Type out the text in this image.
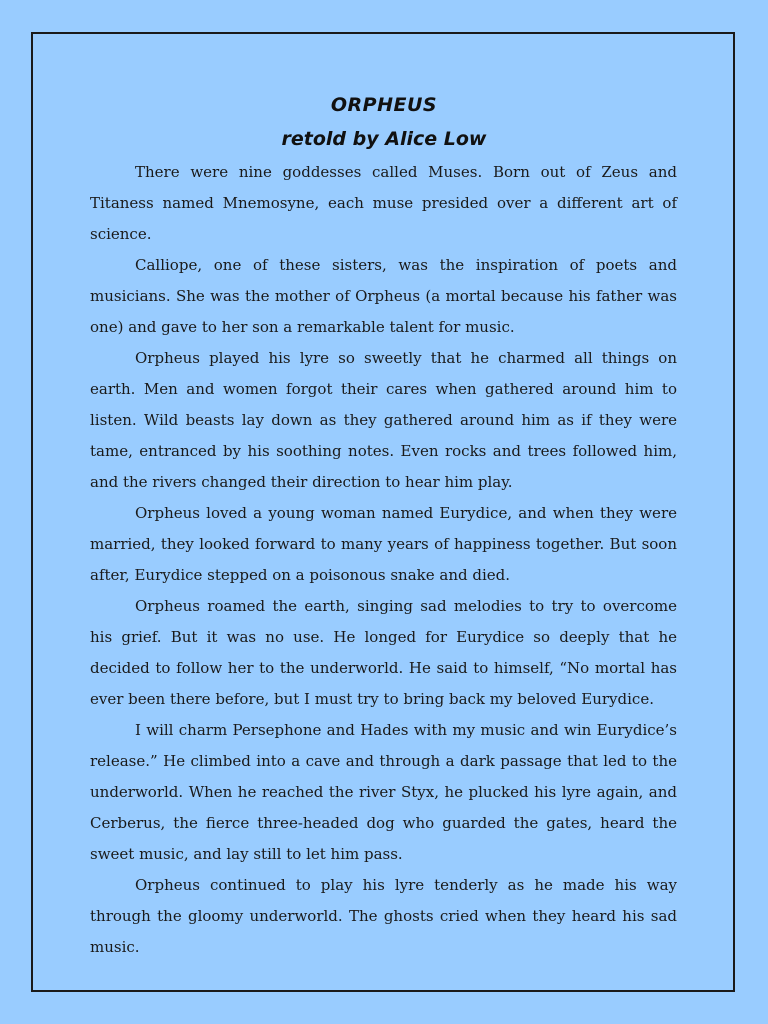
ORPHEUS
retold by Alice Low

There were nine goddesses called Muses. Born out of Zeus and Titaness named Mnemosyne, each muse presided over a different art of science.

Calliope, one of these sisters, was the inspiration of poets and musicians. She was the mother of Orpheus (a mortal because his father was one) and gave to her son a remarkable talent for music.

Orpheus played his lyre so sweetly that he charmed all things on earth. Men and women forgot their cares when gathered around him to listen. Wild beasts lay down as they gathered around him as if they were tame, entranced by his soothing notes. Even rocks and trees followed him, and the rivers changed their direction to hear him play.

Orpheus loved a young woman named Eurydice, and when they were married, they looked forward to many years of happiness together. But soon after, Eurydice stepped on a poisonous snake and died.

Orpheus roamed the earth, singing sad melodies to try to overcome his grief. But it was no use. He longed for Eurydice so deeply that he decided to follow her to the underworld. He said to himself, “No mortal has ever been there before, but I must try to bring back my beloved Eurydice.

I will charm Persephone and Hades with my music and win Eurydice’s release.” He climbed into a cave and through a dark passage that led to the underworld. When he reached the river Styx, he plucked his lyre again, and Cerberus, the fierce three-headed dog who guarded the gates, heard the sweet music, and lay still to let him pass.

Orpheus continued to play his lyre tenderly as he made his way through the gloomy underworld. The ghosts cried when they heard his sad music.
